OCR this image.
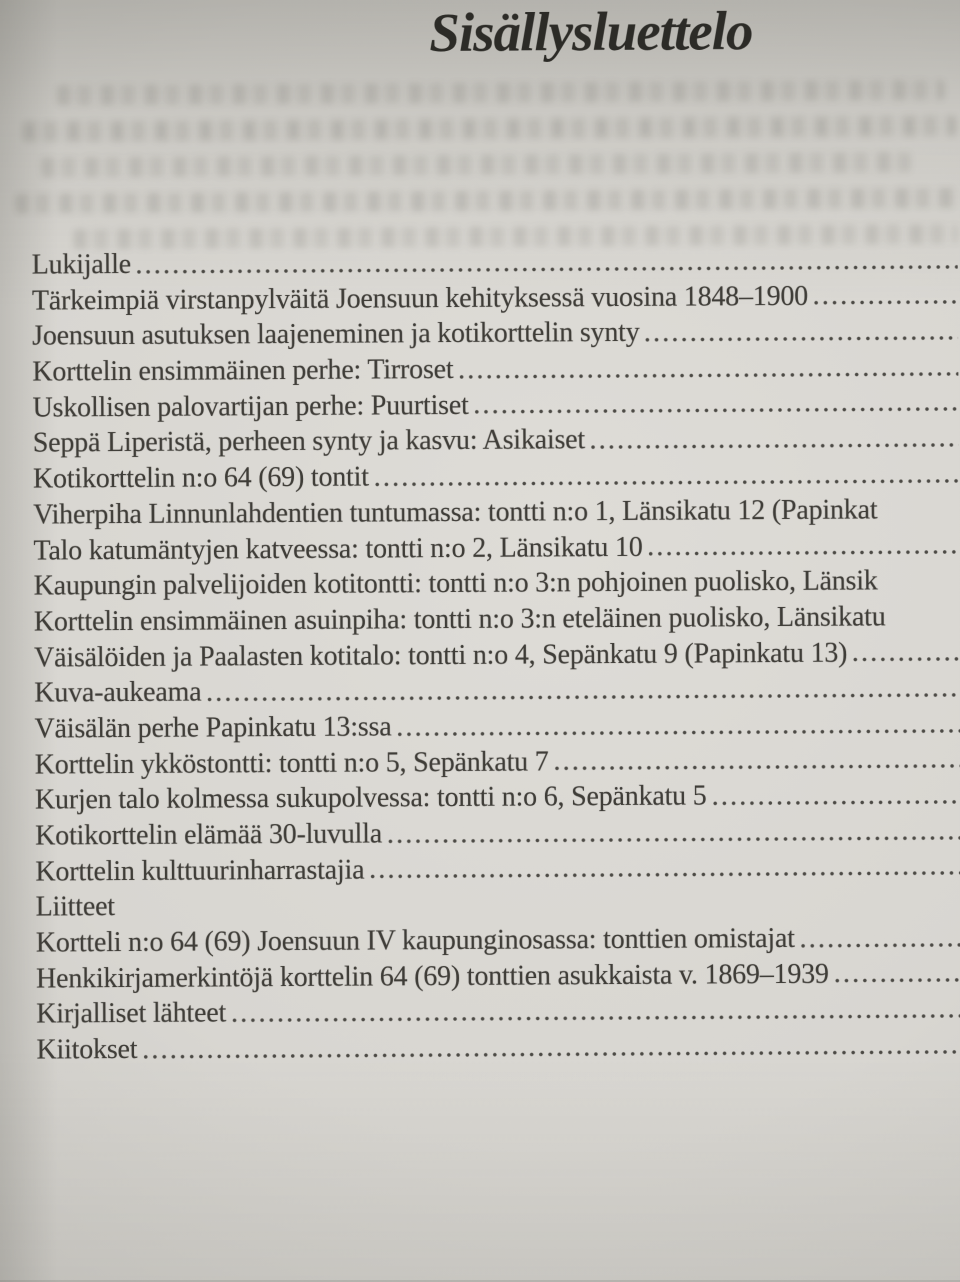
Sisällysluettelo
Lukijalle
Tärkeimpiä virstanpylväitä Joensuun kehityksessä vuosina 1848–1900
Joensuun asutuksen laajeneminen ja kotikorttelin synty
Korttelin ensimmäinen perhe: Tirroset
Uskollisen palovartijan perhe: Puurtiset
Seppä Liperistä, perheen synty ja kasvu: Asikaiset
Kotikorttelin n:o 64 (69) tontit
Viherpiha Linnunlahdentien tuntumassa: tontti n:o 1, Länsikatu 12 (Papinkat
Talo katumäntyjen katveessa: tontti n:o 2, Länsikatu 10
Kaupungin palvelijoiden kotitontti: tontti n:o 3:n pohjoinen puolisko, Länsik
Korttelin ensimmäinen asuinpiha: tontti n:o 3:n eteläinen puolisko, Länsikatu
Väisälöiden ja Paalasten kotitalo: tontti n:o 4, Sepänkatu 9 (Papinkatu 13)
Kuva-aukeama
Väisälän perhe Papinkatu 13:ssa
Korttelin ykköstontti: tontti n:o 5, Sepänkatu 7
Kurjen talo kolmessa sukupolvessa: tontti n:o 6, Sepänkatu 5
Kotikorttelin elämää 30-luvulla
Korttelin kulttuurinharrastajia
Liitteet
Kortteli n:o 64 (69) Joensuun IV kaupunginosassa: tonttien omistajat
Henkikirjamerkintöjä korttelin 64 (69) tonttien asukkaista v. 1869–1939
Kirjalliset lähteet
Kiitokset
